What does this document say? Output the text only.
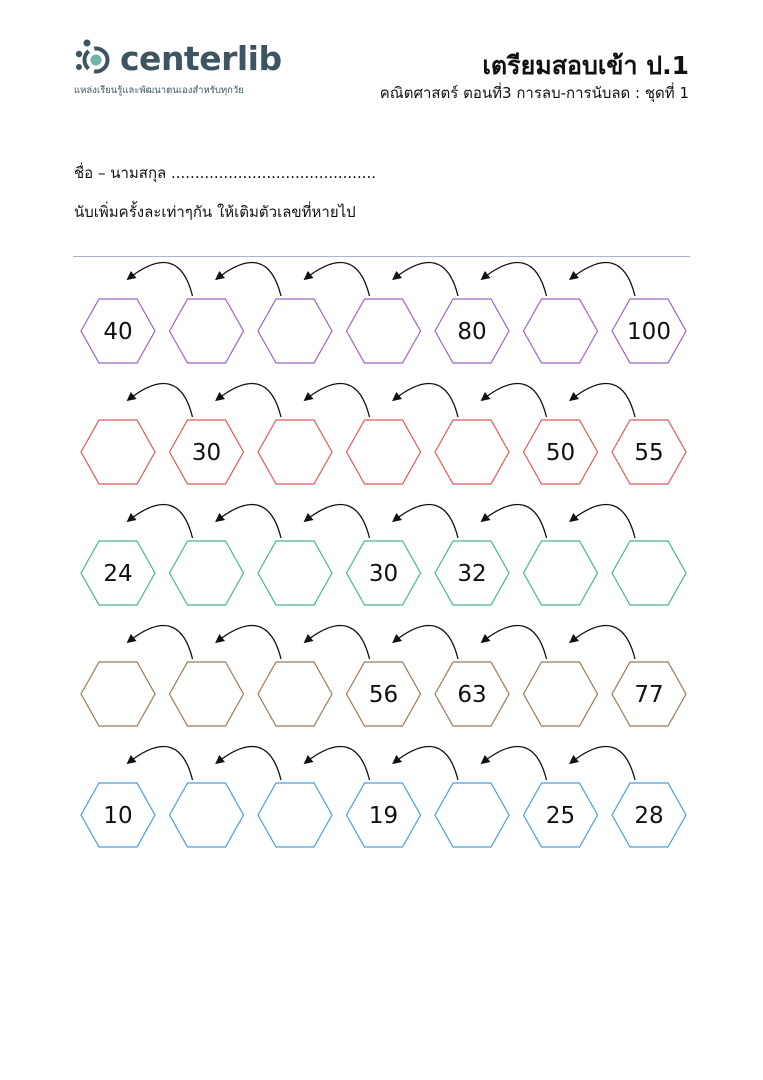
centerlib
แหล่งเรียนรู้และพัฒนาตนเองสำหรับทุกวัย
เตรียมสอบเข้า ป.1
คณิตศาสตร์ ตอนที่3 การลบ-การนับลด : ชุดที่ 1
ชื่อ – นามสกุล ...........................................
นับเพิ่มครั้งละเท่าๆกัน ให้เติมตัวเลขที่หายไป
40	80	100
30	50	55
24	30	32
56	63	77
10	19	25	28
